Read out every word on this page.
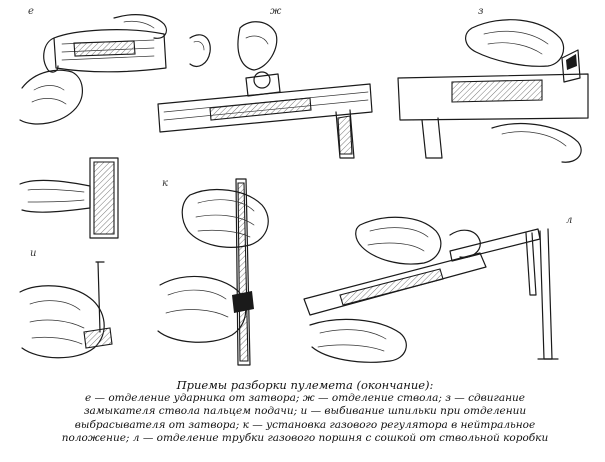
е	ж	з
и
к
л
Приемы разборки пулемета (окончание):
е — отделение ударника от затвора; ж — отделение ствола; з — сдвигание
замыкателя ствола пальцем подачи; и — выбивание шпильки при отделении
выбрасывателя от затвора; к — установка газового регулятора в нейтральное
положение; л — отделение трубки газового поршня с сошкой от ствольной коробки
